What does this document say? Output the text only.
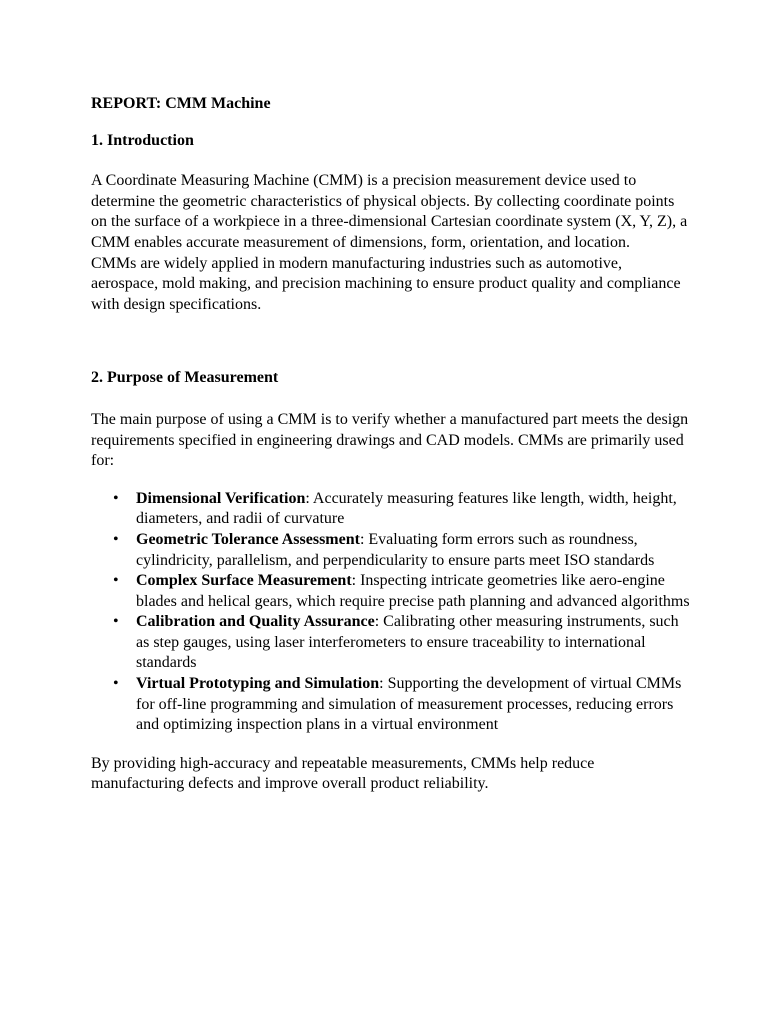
REPORT: CMM Machine

1. Introduction

A Coordinate Measuring Machine (CMM) is a precision measurement device used to determine the geometric characteristics of physical objects. By collecting coordinate points on the surface of a workpiece in a three-dimensional Cartesian coordinate system (X, Y, Z), a CMM enables accurate measurement of dimensions, form, orientation, and location.

CMMs are widely applied in modern manufacturing industries such as automotive, aerospace, mold making, and precision machining to ensure product quality and compliance with design specifications.

2. Purpose of Measurement

The main purpose of using a CMM is to verify whether a manufactured part meets the design requirements specified in engineering drawings and CAD models. CMMs are primarily used for:

• Dimensional Verification: Accurately measuring features like length, width, height, diameters, and radii of curvature
• Geometric Tolerance Assessment: Evaluating form errors such as roundness, cylindricity, parallelism, and perpendicularity to ensure parts meet ISO standards
• Complex Surface Measurement: Inspecting intricate geometries like aero-engine blades and helical gears, which require precise path planning and advanced algorithms
• Calibration and Quality Assurance: Calibrating other measuring instruments, such as step gauges, using laser interferometers to ensure traceability to international standards
• Virtual Prototyping and Simulation: Supporting the development of virtual CMMs for off-line programming and simulation of measurement processes, reducing errors and optimizing inspection plans in a virtual environment

By providing high-accuracy and repeatable measurements, CMMs help reduce manufacturing defects and improve overall product reliability.
